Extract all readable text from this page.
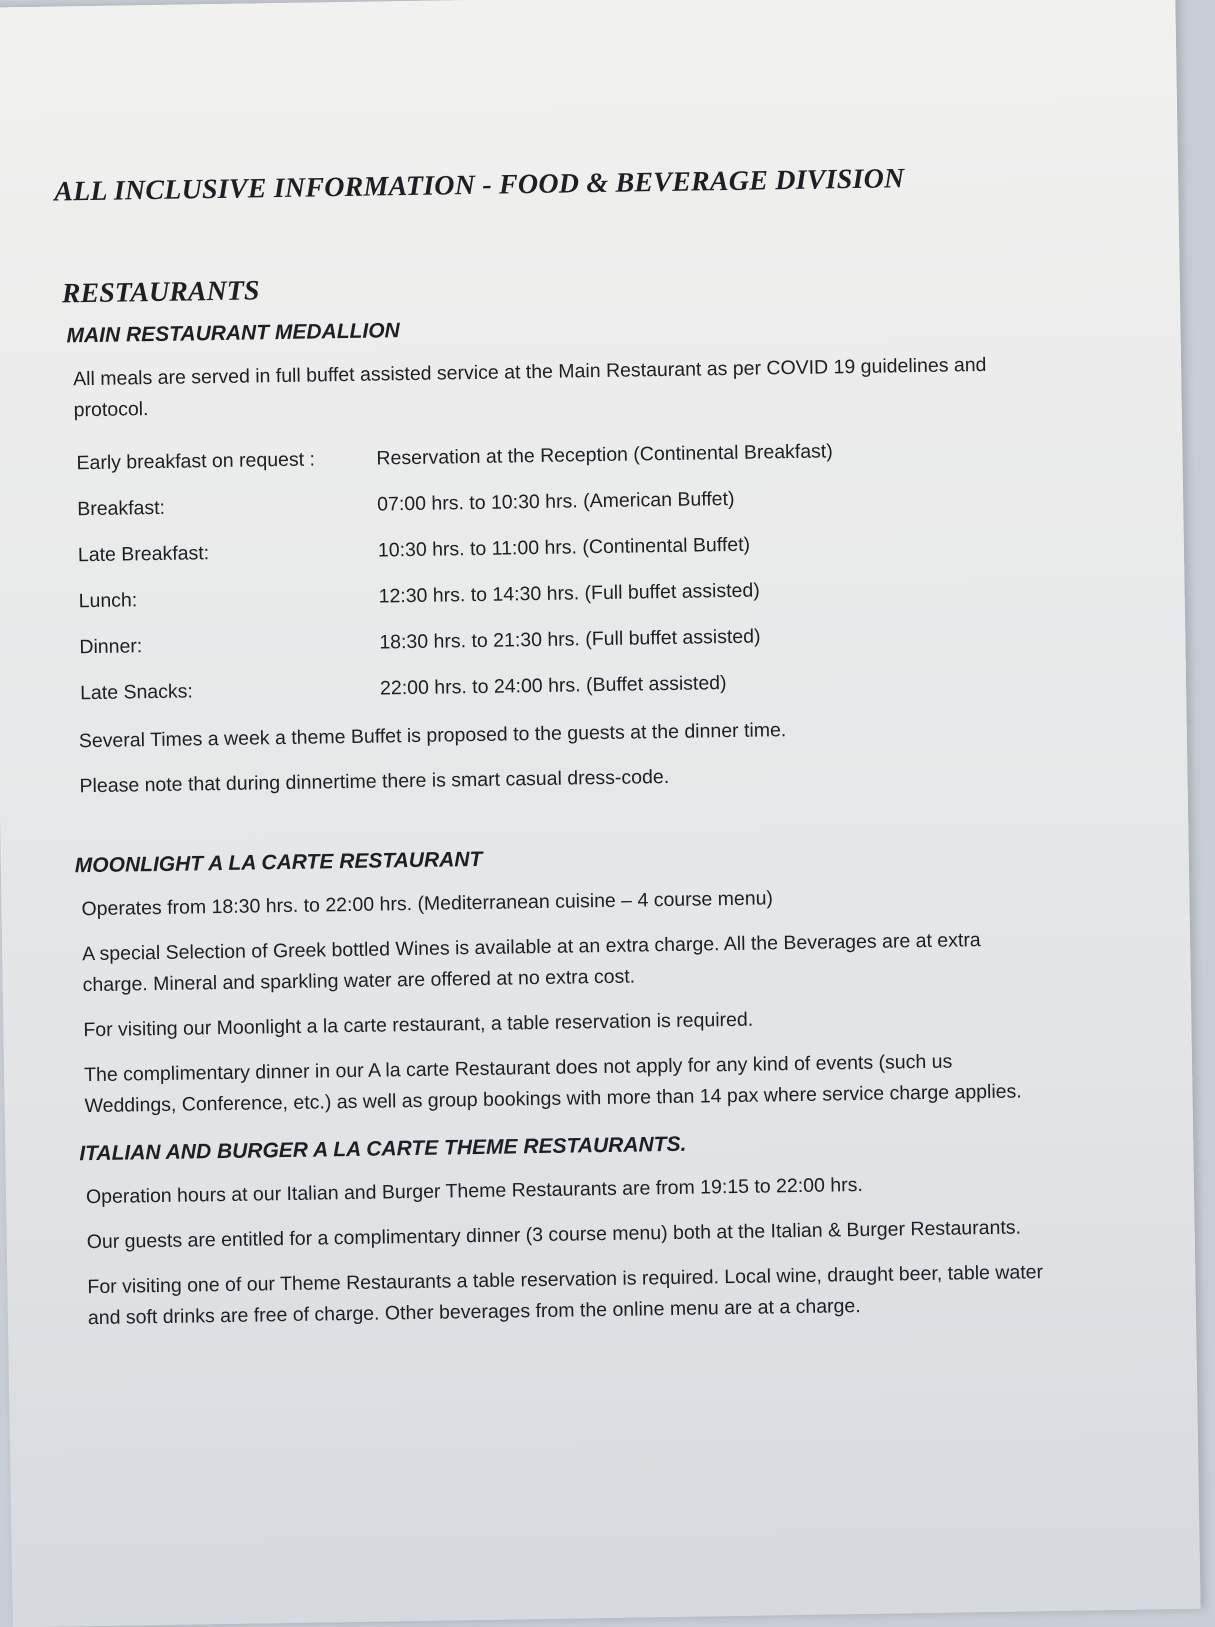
ALL INCLUSIVE INFORMATION - FOOD & BEVERAGE DIVISION
RESTAURANTS
MAIN RESTAURANT MEDALLION

All meals are served in full buffet assisted service at the Main Restaurant as per COVID 19 guidelines and protocol.

Early breakfast on request :	Reservation at the Reception (Continental Breakfast)
Breakfast:	07:00 hrs. to 10:30 hrs. (American Buffet)
Late Breakfast:	10:30 hrs. to 11:00 hrs. (Continental Buffet)
Lunch:	12:30 hrs. to 14:30 hrs. (Full buffet assisted)
Dinner:	18:30 hrs. to 21:30 hrs. (Full buffet assisted)
Late Snacks:	22:00 hrs. to 24:00 hrs. (Buffet assisted)

Several Times a week a theme Buffet is proposed to the guests at the dinner time.

Please note that during dinnertime there is smart casual dress-code.

MOONLIGHT A LA CARTE RESTAURANT

Operates from 18:30 hrs. to 22:00 hrs. (Mediterranean cuisine – 4 course menu)

A special Selection of Greek bottled Wines is available at an extra charge. All the Beverages are at extra charge. Mineral and sparkling water are offered at no extra cost.

For visiting our Moonlight a la carte restaurant, a table reservation is required.

The complimentary dinner in our A la carte Restaurant does not apply for any kind of events (such us Weddings, Conference, etc.) as well as group bookings with more than 14 pax where service charge applies.

ITALIAN AND BURGER A LA CARTE THEME RESTAURANTS.

Operation hours at our Italian and Burger Theme Restaurants are from 19:15 to 22:00 hrs.

Our guests are entitled for a complimentary dinner (3 course menu) both at the Italian & Burger Restaurants.

For visiting one of our Theme Restaurants a table reservation is required. Local wine, draught beer, table water and soft drinks are free of charge. Other beverages from the online menu are at a charge.
